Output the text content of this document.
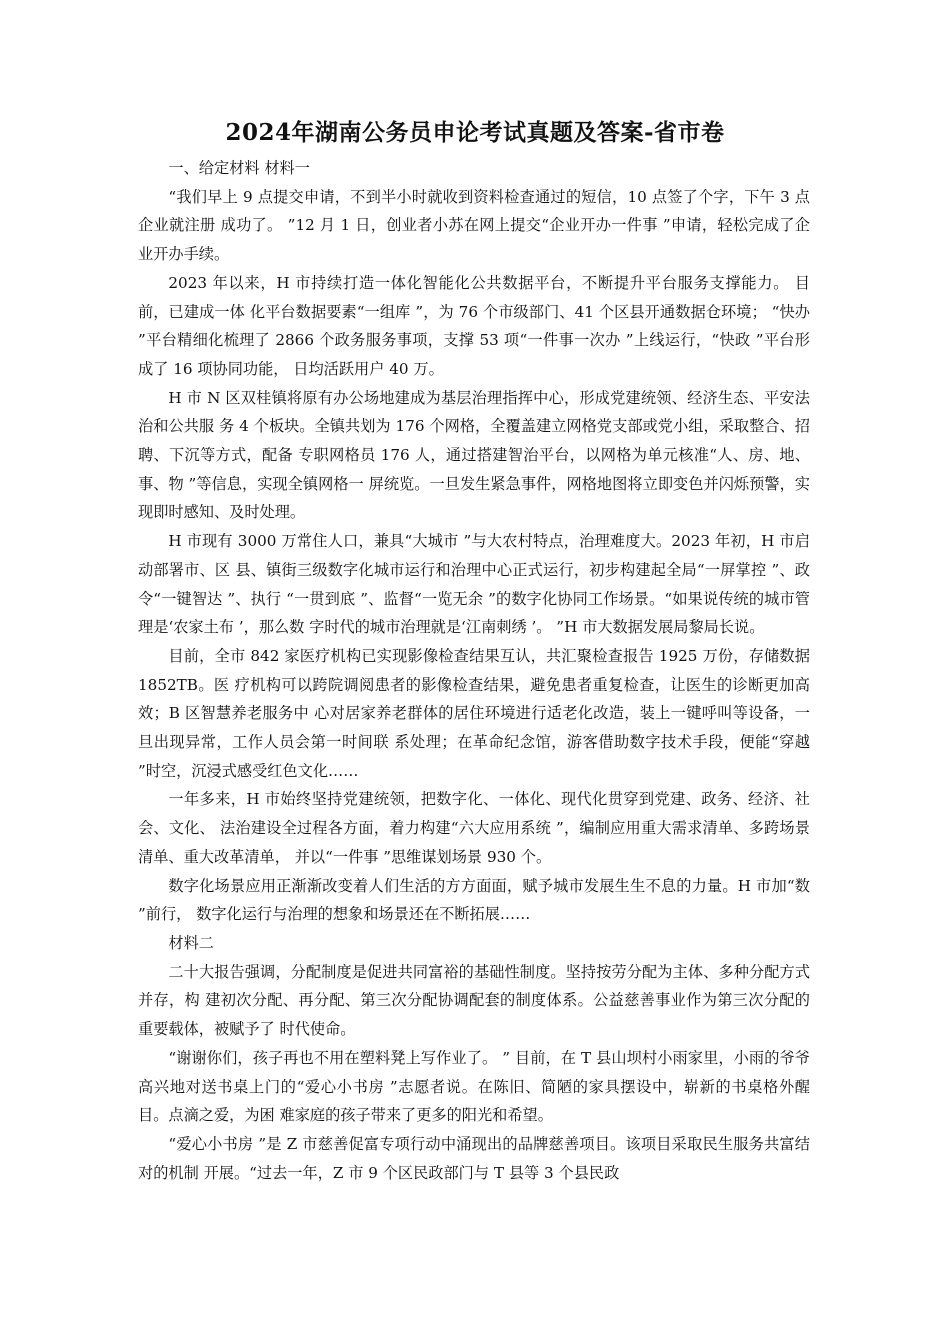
2024年湖南公务员申论考试真题及答案-省市卷

一、给定材料 材料一

“我们早上 9 点提交申请，不到半小时就收到资料检查通过的短信，10 点签了个字，下午 3 点企业就注册 成功了。 ”12 月 1 日，创业者小苏在网上提交“企业开办一件事 ”申请，轻松完成了企业开办手续。

2023 年以来，H 市持续打造一体化智能化公共数据平台，不断提升平台服务支撑能力。 目前，已建成一体 化平台数据要素“一组库 ”，为 76 个市级部门、41 个区县开通数据仓环境； “快办 ”平台精细化梳理了 2866 个政务服务事项，支撑 53 项“一件事一次办 ”上线运行，“快政 ”平台形成了 16 项协同功能， 日均活跃用户 40 万。

H 市 N 区双桂镇将原有办公场地建成为基层治理指挥中心，形成党建统领、经济生态、平安法治和公共服 务 4 个板块。全镇共划为 176 个网格，全覆盖建立网格党支部或党小组，采取整合、招聘、下沉等方式，配备 专职网格员 176 人，通过搭建智治平台，以网格为单元核准“人、房、地、事、物 ”等信息，实现全镇网格一 屏统览。一旦发生紧急事件，网格地图将立即变色并闪烁预警，实现即时感知、及时处理。

H 市现有 3000 万常住人口，兼具“大城市 ”与大农村特点，治理难度大。2023 年初，H 市启动部署市、区 县、镇街三级数字化城市运行和治理中心正式运行，初步构建起全局“一屏掌控 ”、政令“一键智达 ”、执行 “一贯到底 ”、监督“一览无余 ”的数字化协同工作场景。“如果说传统的城市管理是‘农家土布 ’，那么数 字时代的城市治理就是‘江南刺绣 ’。 ”H 市大数据发展局黎局长说。

目前，全市 842 家医疗机构已实现影像检查结果互认，共汇聚检查报告 1925 万份，存储数据 1852TB。医 疗机构可以跨院调阅患者的影像检查结果，避免患者重复检查，让医生的诊断更加高效；B 区智慧养老服务中 心对居家养老群体的居住环境进行适老化改造，装上一键呼叫等设备，一旦出现异常，工作人员会第一时间联 系处理；在革命纪念馆，游客借助数字技术手段，便能“穿越 ”时空，沉浸式感受红色文化……

一年多来，H 市始终坚持党建统领，把数字化、一体化、现代化贯穿到党建、政务、经济、社会、文化、 法治建设全过程各方面，着力构建“六大应用系统 ”，编制应用重大需求清单、多跨场景清单、重大改革清单， 并以“一件事 ”思维谋划场景 930 个。

数字化场景应用正渐渐改变着人们生活的方方面面，赋予城市发展生生不息的力量。H 市加“数 ”前行， 数字化运行与治理的想象和场景还在不断拓展……

材料二

二十大报告强调，分配制度是促进共同富裕的基础性制度。坚持按劳分配为主体、多种分配方式并存，构 建初次分配、再分配、第三次分配协调配套的制度体系。公益慈善事业作为第三次分配的重要载体，被赋予了 时代使命。

“谢谢你们，孩子再也不用在塑料凳上写作业了。 ” 目前，在 T 县山坝村小雨家里，小雨的爷爷高兴地对送书桌上门的“爱心小书房 ”志愿者说。在陈旧、简陋的家具摆设中，崭新的书桌格外醒目。点滴之爱，为困 难家庭的孩子带来了更多的阳光和希望。

“爱心小书房 ”是 Z 市慈善促富专项行动中涌现出的品牌慈善项目。该项目采取民生服务共富结对的机制 开展。“过去一年，Z 市 9 个区民政部门与 T 县等 3 个县民政
